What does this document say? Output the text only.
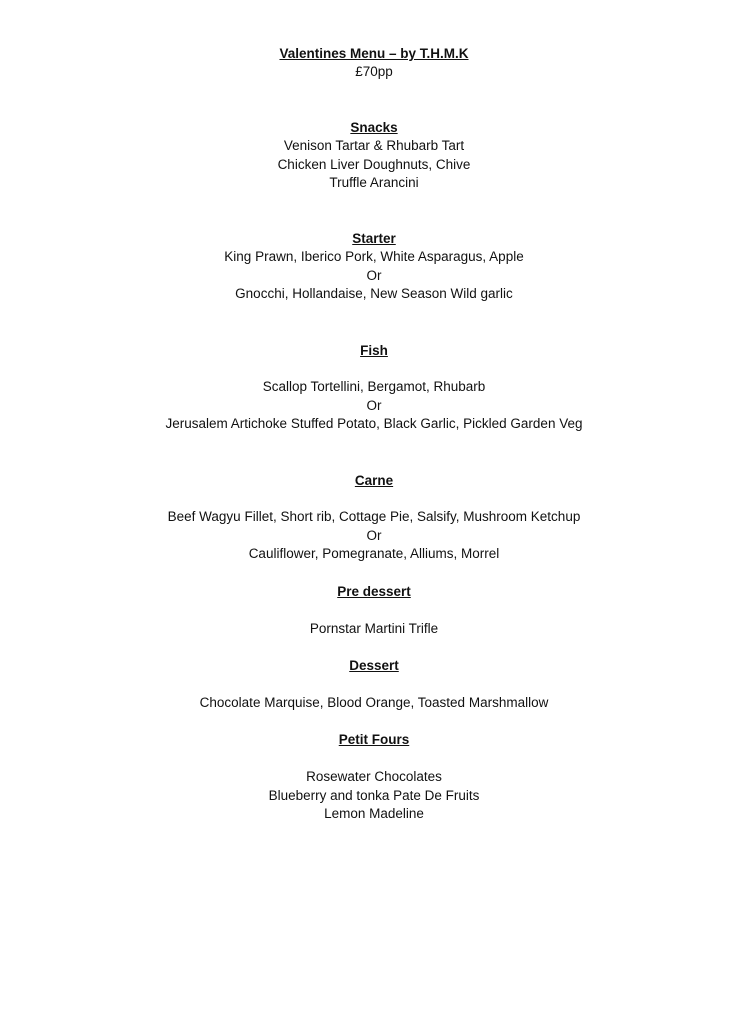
Valentines Menu – by T.H.M.K
£70pp
Snacks
Venison Tartar & Rhubarb Tart
Chicken Liver Doughnuts, Chive
Truffle Arancini
Starter
King Prawn, Iberico Pork, White Asparagus, Apple
Or
Gnocchi, Hollandaise, New Season Wild garlic
Fish
Scallop Tortellini, Bergamot, Rhubarb
Or
Jerusalem Artichoke Stuffed Potato, Black Garlic, Pickled Garden Veg
Carne
Beef Wagyu Fillet, Short rib, Cottage Pie, Salsify, Mushroom Ketchup
Or
Cauliflower, Pomegranate, Alliums, Morrel
Pre dessert
Pornstar Martini Trifle
Dessert
Chocolate Marquise, Blood Orange, Toasted Marshmallow
Petit Fours
Rosewater Chocolates
Blueberry and tonka Pate De Fruits
Lemon Madeline
